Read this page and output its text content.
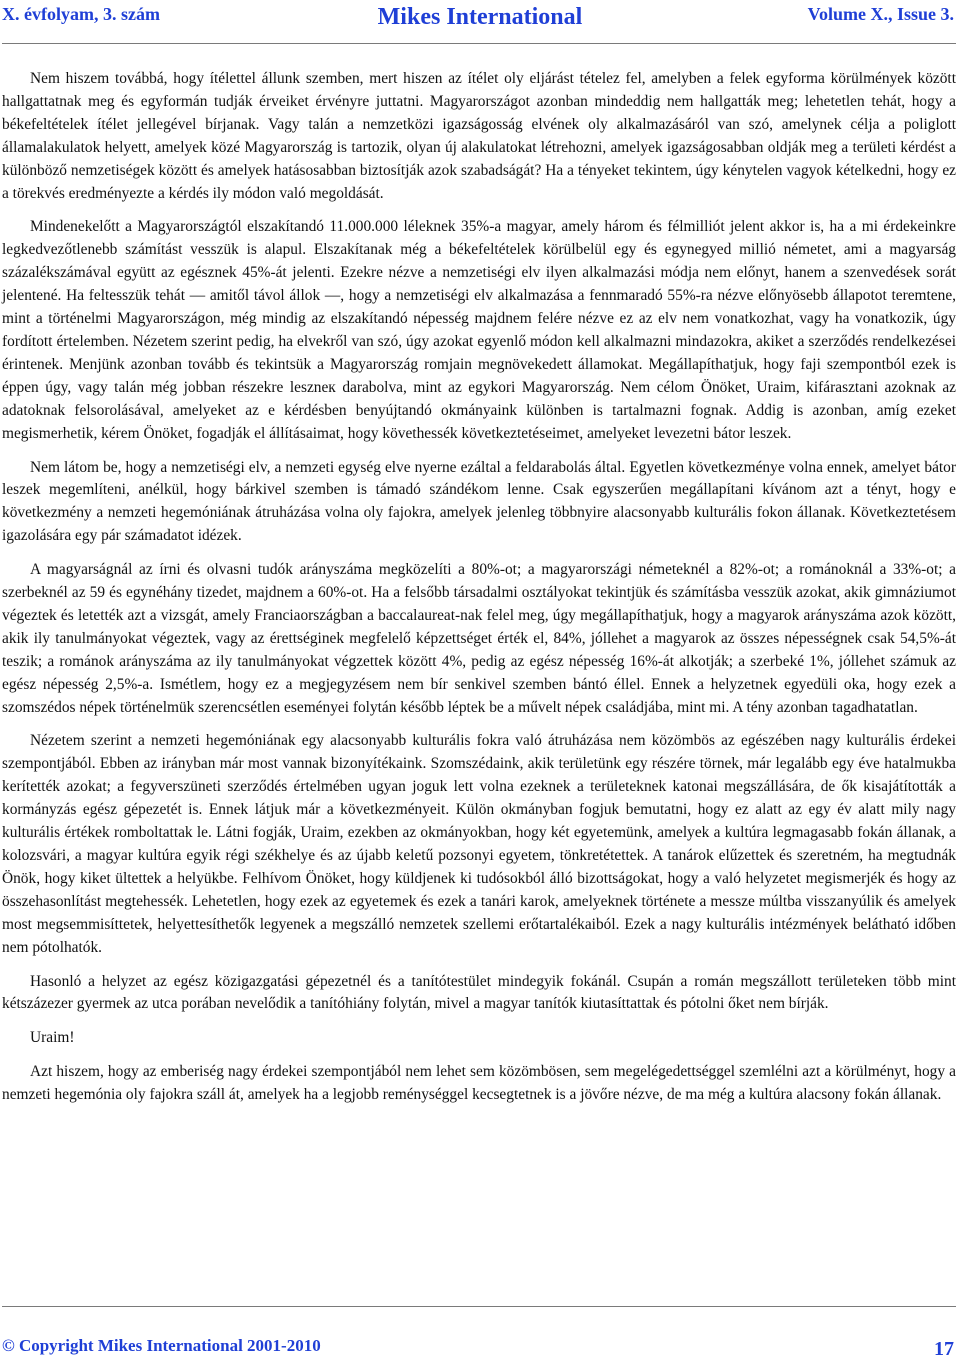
X. évfolyam, 3. szám	Mikes International	Volume X., Issue 3.

Nem hiszem továbbá, hogy ítélettel állunk szemben, mert hiszen az ítélet oly eljárást tételez fel, amelyben a felek egyforma körülmények között hallgattatnak meg és egyformán tudják érveiket érvényre juttatni. Magyarországot azonban mindeddig nem hallgatták meg; lehetetlen tehát, hogy a békefeltételek ítélet jellegével bírjanak. Vagy talán a nemzetközi igazságosság elvének oly alkalmazásáról van szó, amelynek célja a poliglott államalakulatok helyett, amelyek közé Magyarország is tartozik, olyan új alakulatokat létrehozni, amelyek igazságosabban oldják meg a területi kérdést a különböző nemzetiségek között és amelyek hatásosabban biztosítják azok szabadságát? Ha a tényeket tekintem, úgy kénytelen vagyok kételkedni, hogy ez a törekvés eredményezte a kérdés ily módon való megoldását.

Mindenekelőtt a Magyarországtól elszakítandó 11.000.000 léleknek 35%-a magyar, amely három és félmilliót jelent akkor is, ha a mi érdekeinkre legkedvezőtlenebb számítást vesszük is alapul. Elszakítanak még a békefeltételek körülbelül egy és egynegyed millió németet, ami a magyarság százalékszámával együtt az egésznek 45%-át jelenti. Ezekre nézve a nemzetiségi elv ilyen alkalmazási módja nem előnyt, hanem a szenvedések sorát jelentené. Ha feltesszük tehát — amitől távol állok —, hogy a nemzetiségi elv alkalmazása a fennmaradó 55%-ra nézve előnyösebb állapotot teremtene, mint a történelmi Magyarországon, még mindig az elszakítandó népesség majdnem felére nézve ez az elv nem vonatkozhat, vagy ha vonatkozik, úgy fordított értelemben. Nézetem szerint pedig, ha elvekről van szó, úgy azokat egyenlő módon kell alkalmazni mindazokra, akiket a szerződés rendelkezései érintenek. Menjünk azonban tovább és tekintsük a Magyarország romjain megnövekedett államokat. Megállapíthatjuk, hogy faji szempontból ezek is éppen úgy, vagy talán még jobban részekre leszneк darabolva, mint az egykori Magyarország. Nem célom Önöket, Uraim, kifárasztani azoknak az adatoknak felsorolásával, amelyeket az e kérdésben benyújtandó okmányaink különben is tartalmazni fognak. Addig is azonban, amíg ezeket megismerhetik, kérem Önöket, fogadják el állításaimat, hogy követhessék következtetéseimet, amelyeket levezetni bátor leszek.

Nem látom be, hogy a nemzetiségi elv, a nemzeti egység elve nyerne ezáltal a feldarabolás által. Egyetlen következménye volna ennek, amelyet bátor leszek megemlíteni, anélkül, hogy bárkivel szemben is támadó szándékom lenne. Csak egyszerűen megállapítani kívánom azt a tényt, hogy e következmény a nemzeti hegemóniának átruházása volna oly fajokra, amelyek jelenleg többnyire alacsonyabb kulturális fokon állanak. Következtetésem igazolására egy pár számadatot idézek.

A magyarságnál az írni és olvasni tudók arányszáma megközelíti a 80%-ot; a magyarországi németeknél a 82%-ot; a románoknál a 33%-ot; a szerbeknél az 59 és egynéhány tizedet, majdnem a 60%-ot. Ha a felsőbb társadalmi osztályokat tekintjük és számításba vesszük azokat, akik gimnáziumot végeztek és letették azt a vizsgát, amely Franciaországban a baccalaureat-nak felel meg, úgy megállapíthatjuk, hogy a magyarok arányszáma azok között, akik ily tanulmányokat végeztek, vagy az érettséginek megfelelő képzettséget érték el, 84%, jóllehet a magyarok az összes népességnek csak 54,5%-át teszik; a románok arányszáma az ily tanulmányokat végzettek között 4%, pedig az egész népesség 16%-át alkotják; a szerbeké 1%, jóllehet számuk az egész népesség 2,5%-a. Ismétlem, hogy ez a megjegyzésem nem bír senkivel szemben bántó éllel. Ennek a helyzetnek egyedüli oka, hogy ezek a szomszédos népek történelmük szerencsétlen eseményei folytán később léptek be a művelt népek családjába, mint mi. A tény azonban tagadhatatlan.

Nézetem szerint a nemzeti hegemóniának egy alacsonyabb kulturális fokra való átruházása nem közömbös az egészében nagy kulturális érdekei szempontjából. Ebben az irányban már most vannak bizonyítékaink. Szomszédaink, akik területünk egy részére törnek, már legalább egy éve hatalmukba kerítették azokat; a fegyverszüneti szerződés értelmében ugyan joguk lett volna ezeknek a területeknek katonai megszállására, de ők kisajátították a kormányzás egész gépezetét is. Ennek látjuk már a következményeit. Külön okmányban fogjuk bemutatni, hogy ez alatt az egy év alatt mily nagy kulturális értékek romboltattak le. Látni fogják, Uraim, ezekben az okmányokban, hogy két egyetemünk, amelyek a kultúra legmagasabb fokán állanak, a kolozsvári, a magyar kultúra egyik régi székhelye és az újabb keletű pozsonyi egyetem, tönkretétettek. A tanárok elűzettek és szeretném, ha megtudnák Önök, hogy kiket ültettek a helyükbe. Felhívom Önöket, hogy küldjenek ki tudósokból álló bizottságokat, hogy a való helyzetet megismerjék és hogy az összehasonlítást megtehessék. Lehetetlen, hogy ezek az egyetemek és ezek a tanári karok, amelyeknek története a messze múltba visszanyúlik és amelyek most megsemmisíttetek, helyettesíthetők legyenek a megszálló nemzetek szellemi erőtartalékaiból. Ezek a nagy kulturális intézmények belátható időben nem pótolhatók.

Hasonló a helyzet az egész közigazgatási gépezetnél és a tanítótestület mindegyik fokánál. Csupán a román megszállott területeken több mint kétszázezer gyermek az utca porában nevelődik a tanítóhiány folytán, mivel a magyar tanítók kiutasíttattak és pótolni őket nem bírják.

Uraim!

Azt hiszem, hogy az emberiség nagy érdekei szempontjából nem lehet sem közömbösen, sem megelégedettséggel szemlélni azt a körülményt, hogy a nemzeti hegemónia oly fajokra száll át, amelyek ha a legjobb reménységgel kecsegtetnek is a jövőre nézve, de ma még a kultúra alacsony fokán állanak.

© Copyright Mikes International 2001-2010	17
